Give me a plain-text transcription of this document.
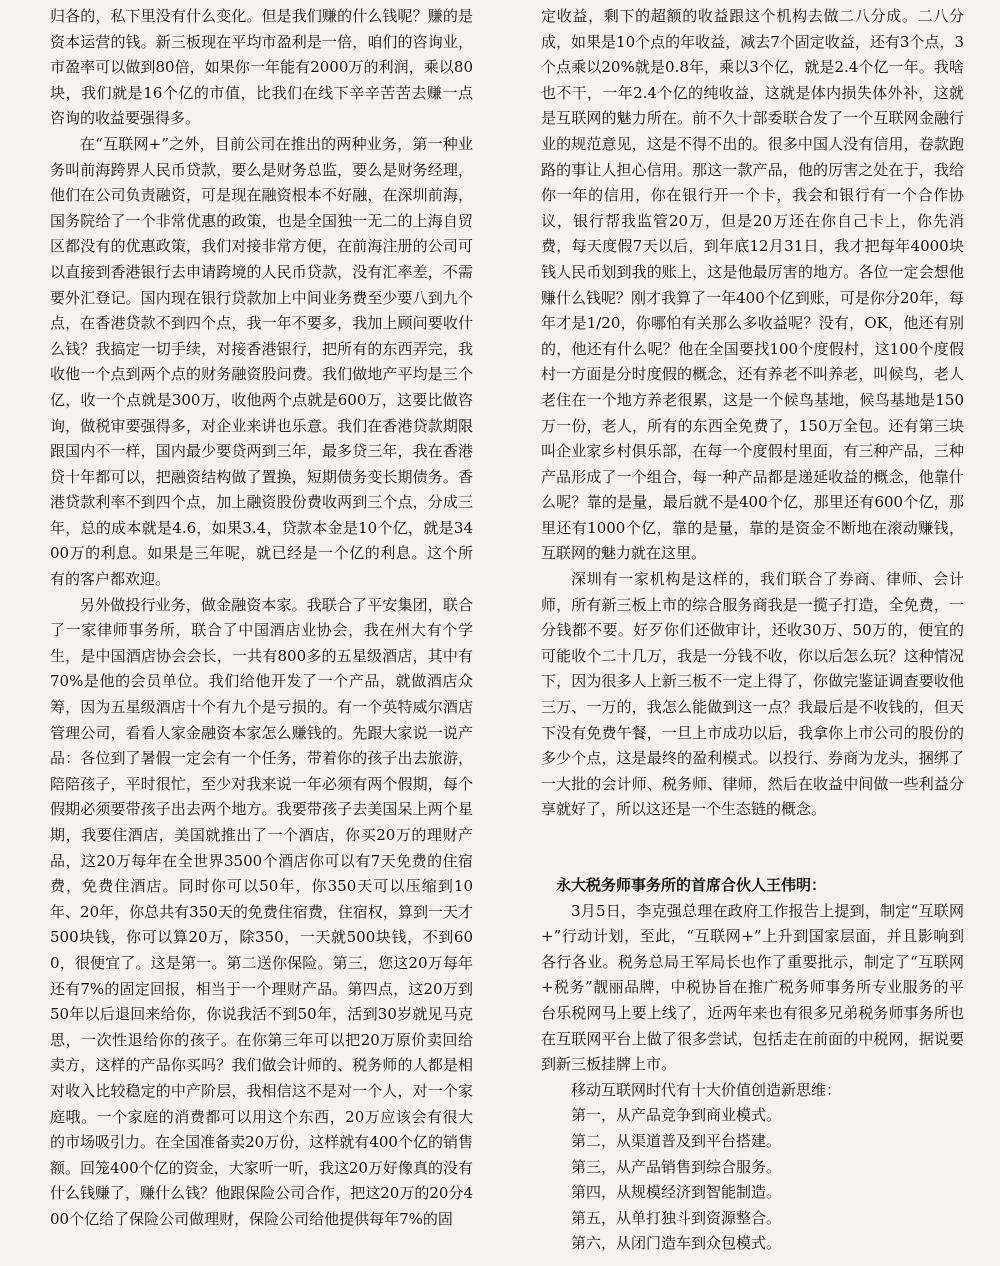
归各的，私下里没有什么变化。但是我们赚的什么钱呢？赚的是资本运营的钱。新三板现在平均市盈利是一倍，咱们的咨询业，市盈率可以做到80倍，如果你一年能有2000万的利润，乘以80块，我们就是16个亿的市值，比我们在线下辛辛苦苦去赚一点咨询的收益要强得多。

在“互联网+”之外，目前公司在推出的两种业务，第一种业务叫前海跨界人民币贷款，要么是财务总监，要么是财务经理，他们在公司负责融资，可是现在融资根本不好融，在深圳前海，国务院给了一个非常优惠的政策，也是全国独一无二的上海自贸区都没有的优惠政策，我们对接非常方便，在前海注册的公司可以直接到香港银行去申请跨境的人民币贷款，没有汇率差，不需要外汇登记。国内现在银行贷款加上中间业务费至少要八到九个点，在香港贷款不到四个点，我一年不要多，我加上顾问要收什么钱？我搞定一切手续，对接香港银行，把所有的东西弄完，我收他一个点到两个点的财务融资股问费。我们做地产平均是三个亿，收一个点就是300万，收他两个点就是600万，这要比做咨询，做税审要强得多，对企业来讲也乐意。我们在香港贷款期限跟国内不一样，国内最少要贷两到三年，最多贷三年，我在香港贷十年都可以，把融资结构做了置换，短期债务变长期债务。香港贷款利率不到四个点，加上融资股份费收两到三个点，分成三年，总的成本就是4.6，如果3.4，贷款本金是10个亿，就是3400万的利息。如果是三年呢，就已经是一个亿的利息。这个所有的客户都欢迎。

另外做投行业务，做金融资本家。我联合了平安集团，联合了一家律师事务所，联合了中国酒店业协会，我在州大有个学生，是中国酒店协会会长，一共有800多的五星级酒店，其中有70%是他的会员单位。我们给他开发了一个产品，就做酒店众筹，因为五星级酒店十个有九个是亏损的。有一个英特威尔酒店管理公司，看看人家金融资本家怎么赚钱的。先跟大家说一说产品：各位到了暑假一定会有一个任务，带着你的孩子出去旅游，陪陪孩子，平时很忙，至少对我来说一年必须有两个假期，每个假期必须要带孩子出去两个地方。我要带孩子去美国呆上两个星期，我要住酒店，美国就推出了一个酒店，你买20万的理财产品，这20万每年在全世界3500个酒店你可以有7天免费的住宿费，免费住酒店。同时你可以50年，你350天可以压缩到10年、20年，你总共有350天的免费住宿费，住宿权，算到一天才500块钱，你可以算20万，除350，一天就500块钱，不到600，很便宜了。这是第一。第二送你保险。第三，您这20万每年还有7%的固定回报，相当于一个理财产品。第四点，这20万到50年以后退回来给你，你说我活不到50年，活到30岁就见马克思，一次性退给你的孩子。在你第三年可以把20万原价卖回给卖方，这样的产品你买吗？我们做会计师的、税务师的人都是相对收入比较稳定的中产阶层，我相信这不是对一个人，对一个家庭哦。一个家庭的消费都可以用这个东西，20万应该会有很大的市场吸引力。在全国准备卖20万份，这样就有400个亿的销售额。回笼400个亿的资金，大家听一听，我这20万好像真的没有什么钱赚了，赚什么钱？他跟保险公司合作，把这20万的20分400个亿给了保险公司做理财，保险公司给他提供每年7%的固

定收益，剩下的超额的收益跟这个机构去做二八分成。二八分成，如果是10个点的年收益，减去7个固定收益，还有3个点，3个点乘以20%就是0.8年，乘以3个亿，就是2.4个亿一年。我啥也不干，一年2.4个亿的纯收益，这就是体内损失体外补，这就是互联网的魅力所在。前不久十部委联合发了一个互联网金融行业的规范意见，这是不得不出的。很多中国人没有信用，卷款跑路的事让人担心信用。那这一款产品，他的厉害之处在于，我给你一年的信用，你在银行开一个卡，我会和银行有一个合作协议，银行帮我监管20万，但是20万还在你自己卡上，你先消费，每天度假7天以后，到年底12月31日，我才把每年4000块钱人民币划到我的账上，这是他最厉害的地方。各位一定会想他赚什么钱呢？刚才我算了一年400个亿到账，可是你分20年，每年才是1/20，你哪怕有关那么多收益呢？没有，OK，他还有别的，他还有什么呢？他在全国要找100个度假村，这100个度假村一方面是分时度假的概念，还有养老不叫养老，叫候鸟，老人老住在一个地方养老很累，这是一个候鸟基地，候鸟基地是150万一份，老人，所有的东西全免费了，150万全包。还有第三块叫企业家乡村俱乐部，在每一个度假村里面，有三种产品，三种产品形成了一个组合，每一种产品都是递延收益的概念，他靠什么呢？靠的是量，最后就不是400个亿，那里还有600个亿，那里还有1000个亿，靠的是量，靠的是资金不断地在滚动赚钱，互联网的魅力就在这里。

深圳有一家机构是这样的，我们联合了券商、律师、会计师，所有新三板上市的综合服务商我是一揽子打造，全免费，一分钱都不要。好歹你们还做审计，还收30万、50万的，便宜的可能收个二十几万，我是一分钱不收，你以后怎么玩？这种情况下，因为很多人上新三板不一定上得了，你做完鉴证调查要收他三万、一万的，我怎么能做到这一点？我最后是不收钱的，但天下没有免费午餐，一旦上市成功以后，我拿你上市公司的股份的多少个点，这是最终的盈利模式。以投行、券商为龙头，捆绑了一大批的会计师、税务师、律师，然后在收益中间做一些利益分享就好了，所以这还是一个生态链的概念。

永大税务师事务所的首席合伙人王伟明：

3月5日，李克强总理在政府工作报告上提到，制定“互联网+”行动计划，至此，“互联网+”上升到国家层面，并且影响到各行各业。税务总局王军局长也作了重要批示，制定了“互联网+税务”靓丽品牌，中税协旨在推广税务师事务所专业服务的平台乐税网马上要上线了，近两年来也有很多兄弟税务师事务所也在互联网平台上做了很多尝试，包括走在前面的中税网，据说要到新三板挂牌上市。

移动互联网时代有十大价值创造新思维：

第一，从产品竞争到商业模式。

第二，从渠道普及到平台搭建。

第三，从产品销售到综合服务。

第四，从规模经济到智能制造。

第五，从单打独斗到资源整合。

第六，从闭门造车到众包模式。
